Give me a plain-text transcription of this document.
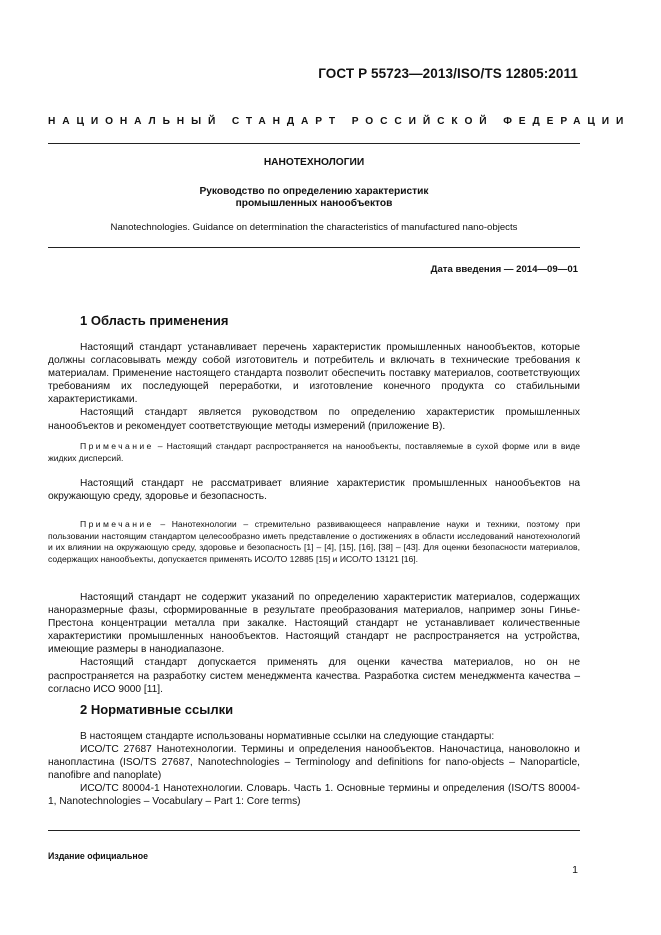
ГОСТ Р 55723—2013/ISO/TS 12805:2011
НАЦИОНАЛЬНЫЙ СТАНДАРТ РОССИЙСКОЙ ФЕДЕРАЦИИ
НАНОТЕХНОЛОГИИ
Руководство по определению характеристик
промышленных нанообъектов
Nanotechnologies. Guidance on determination the characteristics of manufactured nano-objects
Дата введения — 2014—09—01
1 Область применения

Настоящий стандарт устанавливает перечень характеристик промышленных нанообъектов, которые должны согласовывать между собой изготовитель и потребитель и включать в технические требования к материалам. Применение настоящего стандарта позволит обеспечить поставку материалов, соответствующих требованиям их последующей переработки, и изготовление конечного продукта со стабильными характеристиками.

Настоящий стандарт является руководством по определению характеристик промышленных нанообъектов и рекомендует соответствующие методы измерений (приложение В).

Примечание – Настоящий стандарт распространяется на нанообъекты, поставляемые в сухой форме или в виде жидких дисперсий.

Настоящий стандарт не рассматривает влияние характеристик промышленных нанообъектов на окружающую среду, здоровье и безопасность.

Примечание – Нанотехнологии – стремительно развивающееся направление науки и техники, поэтому при пользовании настоящим стандартом целесообразно иметь представление о достижениях в области исследований нанотехнологий и их влиянии на окружающую среду, здоровье и безопасность [1] – [4], [15], [16], [38] – [43]. Для оценки безопасности материалов, содержащих нанообъекты, допускается применять ИСО/ТО 12885 [15] и ИСО/ТО 13121 [16].

Настоящий стандарт не содержит указаний по определению характеристик материалов, содержащих наноразмерные фазы, сформированные в результате преобразования материалов, например зоны Гинье-Престона концентрации металла при закалке. Настоящий стандарт не устанавливает количественные характеристики промышленных нанообъектов. Настоящий стандарт не распространяется на устройства, имеющие размеры в нанодиапазоне.

Настоящий стандарт допускается применять для оценки качества материалов, но он не распространяется на разработку систем менеджмента качества. Разработка систем менеджмента качества – согласно ИСО 9000 [11].

2 Нормативные ссылки

В настоящем стандарте использованы нормативные ссылки на следующие стандарты:

ИСО/ТС 27687 Нанотехнологии. Термины и определения нанообъектов. Наночастица, нановолокно и нанопластина (ISO/TS 27687, Nanotechnologies – Terminology and definitions for nano-objects – Nanoparticle, nanofibre and nanoplate)

ИСО/ТС 80004-1 Нанотехнологии. Словарь. Часть 1. Основные термины и определения (ISO/TS 80004-1, Nanotechnologies – Vocabulary – Part 1: Core terms)

Издание официальное
1
